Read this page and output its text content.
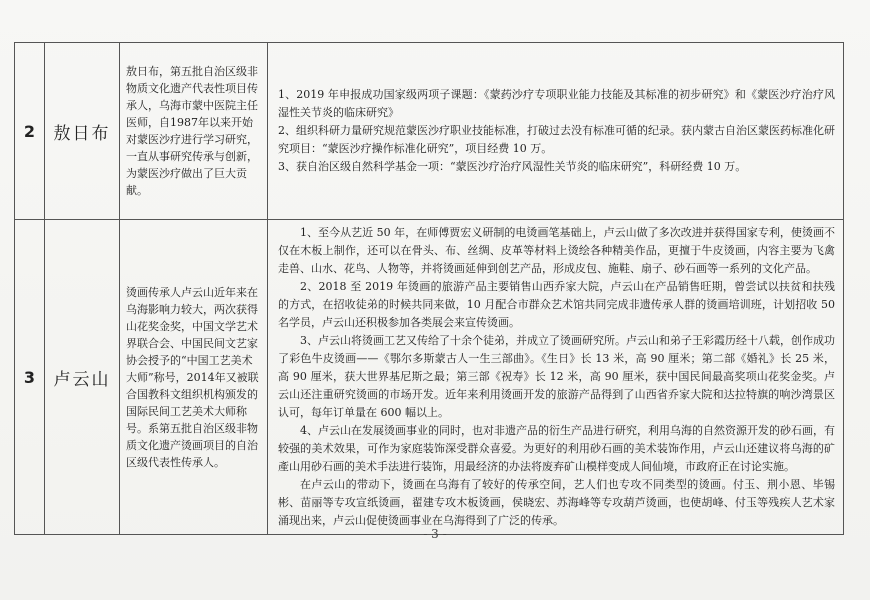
2	敖日布	敖日布，第五批自治区级非物质文化遗产代表性项目传承人，乌海市蒙中医院主任医师，自1987年以来开始对蒙医沙疗进行学习研究，一直从事研究传承与创新，为蒙医沙疗做出了巨大贡献。	1、2019 年申报成功国家级两项子课题：《蒙药沙疗专项职业能力技能及其标准的初步研究》和《蒙医沙疗治疗风湿性关节炎的临床研究》

2、组织科研力量研究规范蒙医沙疗职业技能标准，打破过去没有标准可循的纪录。获内蒙古自治区蒙医药标准化研究项目：“蒙医沙疗操作标准化研究”，项目经费 10 万。

3、获自治区级自然科学基金一项：“蒙医沙疗治疗风湿性关节炎的临床研究”，科研经费 10 万。

3	卢云山	烫画传承人卢云山近年来在乌海影响力较大，两次获得山花奖金奖，中国文学艺术界联合会、中国民间文艺家协会授予的“中国工艺美术大师”称号，2014年又被联合国教科文组织机构颁发的国际民间工艺美术大师称号。系第五批自治区级非物质文化遗产烫画项目的自治区级代表性传承人。	1、至今从艺近 50 年，在师傅贾宏义研制的电烫画笔基础上，卢云山做了多次改进并获得国家专利，使烫画不仅在木板上制作，还可以在骨头、布、丝绸、皮革等材料上烫绘各种精美作品，更擅于牛皮烫画，内容主要为飞禽走兽、山水、花鸟、人物等，并将烫画延伸到创艺产品，形成皮包、施鞋、扇子、砂石画等一系列的文化产品。

2、2018 至 2019 年烫画的旅游产品主要销售山西乔家大院，卢云山在产品销售旺期，曾尝试以扶贫和扶残的方式，在招收徒弟的时候共同来做，10 月配合市群众艺术馆共同完成非遗传承人群的烫画培训班，计划招收 50 名学员，卢云山还积极参加各类展会来宣传烫画。

3、卢云山将烫画工艺又传给了十余个徒弟，并成立了烫画研究所。卢云山和弟子王彩霞历经十八载，创作成功了彩色牛皮烫画——《鄂尔多斯蒙古人一生三部曲》。《生日》长 13 米，高 90 厘米；第二部《婚礼》长 25 米，高 90 厘米，获大世界基尼斯之最；第三部《祝寿》长 12 米，高 90 厘米，获中国民间最高奖项山花奖金奖。卢云山还注重研究烫画的市场开发。近年来利用烫画开发的旅游产品得到了山西省乔家大院和达拉特旗的响沙湾景区认可，每年订单量在 600 幅以上。

4、卢云山在发展烫画事业的同时，也对非遗产品的衍生产品进行研究，利用乌海的自然资源开发的砂石画，有较强的美术效果，可作为家庭装饰深受群众喜爱。为更好的利用砂石画的美术装饰作用，卢云山还建议将乌海的矿產山用砂石画的美术手法进行装饰，用最经济的办法将废弃矿山模样变成人间仙境，市政府正在讨论实施。

在卢云山的带动下，烫画在乌海有了较好的传承空间，艺人们也专攻不同类型的烫画。付玉、荆小恩、毕锡彬、苗丽等专攻宣纸烫画，翟建专攻木板烫画，侯晓宏、苏海峰等专攻葫芦烫画，也使胡峰、付玉等残疾人艺术家涌现出来，卢云山促使烫画事业在乌海得到了广泛的传承。

- 3 -
